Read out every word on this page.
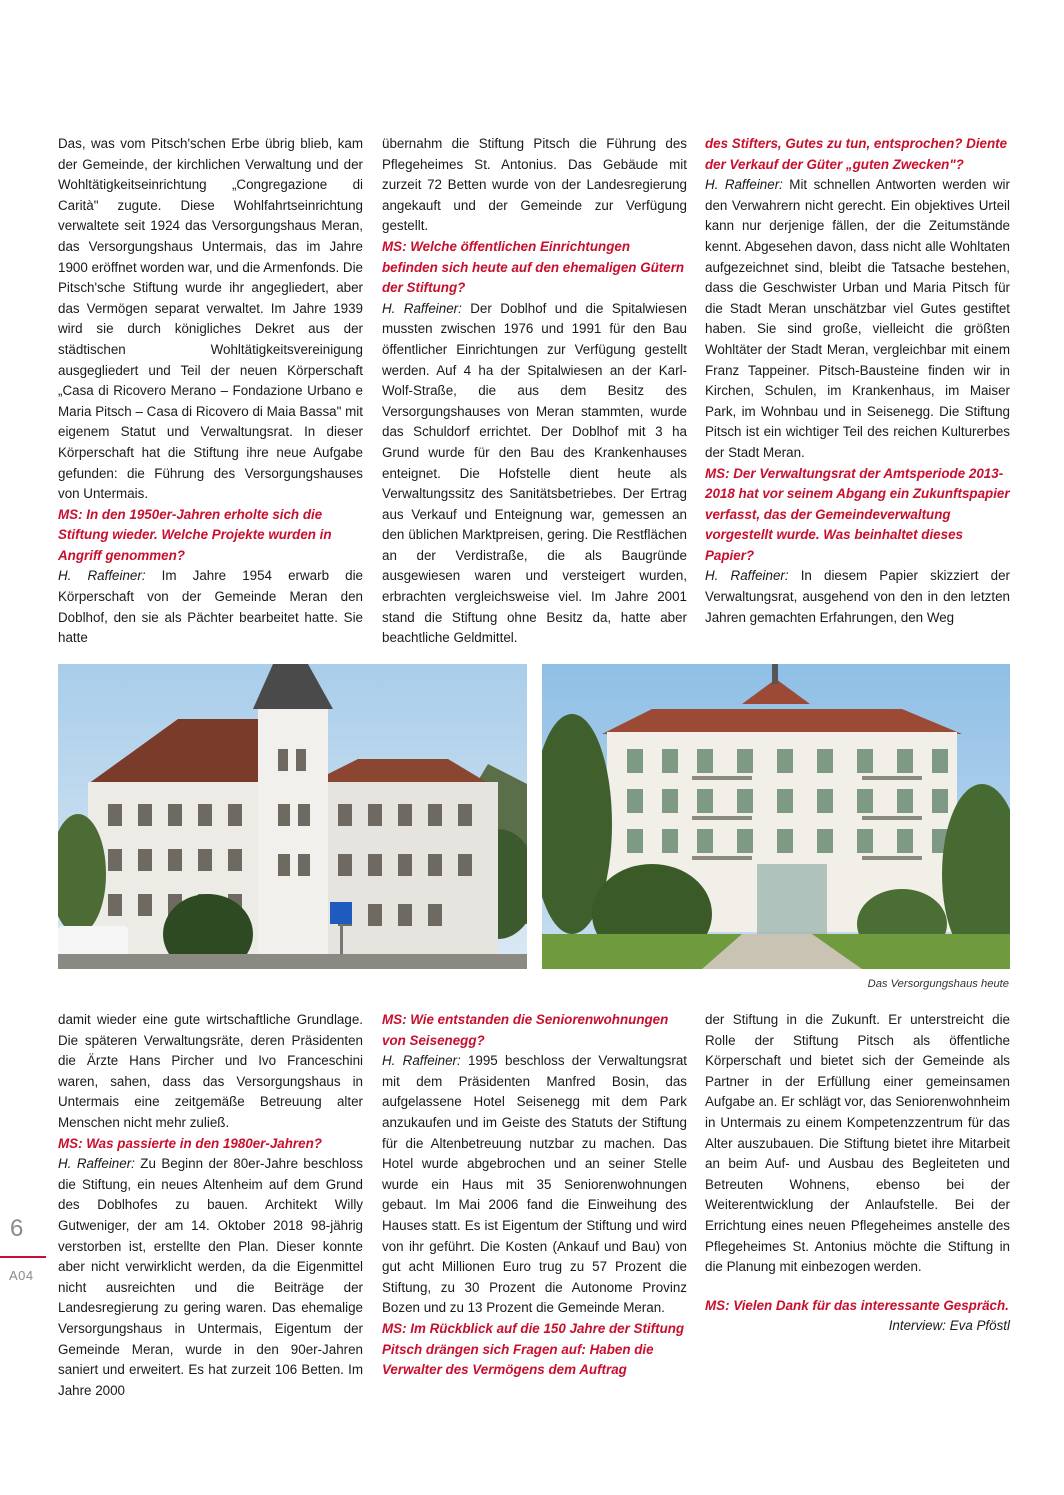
Das, was vom Pitsch'schen Erbe übrig blieb, kam der Gemeinde, der kirchlichen Verwaltung und der Wohltätigkeitseinrichtung „Congregazione di Carità" zugute. Diese Wohlfahrtseinrichtung verwaltete seit 1924 das Versorgungshaus Meran, das Versorgungshaus Untermais, das im Jahre 1900 eröffnet worden war, und die Armenfonds. Die Pitsch'sche Stiftung wurde ihr angegliedert, aber das Vermögen separat verwaltet. Im Jahre 1939 wird sie durch königliches Dekret aus der städtischen Wohltätigkeitsvereinigung ausgegliedert und Teil der neuen Körperschaft „Casa di Ricovero Merano – Fondazione Urbano e Maria Pitsch – Casa di Ricovero di Maia Bassa" mit eigenem Statut und Verwaltungsrat. In dieser Körperschaft hat die Stiftung ihre neue Aufgabe gefunden: die Führung des Versorgungshauses von Untermais.

MS: In den 1950er-Jahren erholte sich die Stiftung wieder. Welche Projekte wurden in Angriff genommen?

H. Raffeiner: Im Jahre 1954 erwarb die Körperschaft von der Gemeinde Meran den Doblhof, den sie als Pächter bearbeitet hatte. Sie hatte

übernahm die Stiftung Pitsch die Führung des Pflegeheimes St. Antonius. Das Gebäude mit zurzeit 72 Betten wurde von der Landesregierung angekauft und der Gemeinde zur Verfügung gestellt.

MS: Welche öffentlichen Einrichtungen befinden sich heute auf den ehemaligen Gütern der Stiftung?

H. Raffeiner: Der Doblhof und die Spitalwiesen mussten zwischen 1976 und 1991 für den Bau öffentlicher Einrichtungen zur Verfügung gestellt werden. Auf 4 ha der Spitalwiesen an der Karl-Wolf-Straße, die aus dem Besitz des Versorgungshauses von Meran stammten, wurde das Schuldorf errichtet. Der Doblhof mit 3 ha Grund wurde für den Bau des Krankenhauses enteignet. Die Hofstelle dient heute als Verwaltungssitz des Sanitätsbetriebes. Der Ertrag aus Verkauf und Enteignung war, gemessen an den üblichen Marktpreisen, gering. Die Restflächen an der Verdistraße, die als Baugründe ausgewiesen waren und versteigert wurden, erbrachten vergleichsweise viel. Im Jahre 2001 stand die Stiftung ohne Besitz da, hatte aber beachtliche Geldmittel.

des Stifters, Gutes zu tun, entsprochen? Diente der Verkauf der Güter „guten Zwecken"?

H. Raffeiner: Mit schnellen Antworten werden wir den Verwahrern nicht gerecht. Ein objektives Urteil kann nur derjenige fällen, der die Zeitumstände kennt. Abgesehen davon, dass nicht alle Wohltaten aufgezeichnet sind, bleibt die Tatsache bestehen, dass die Geschwister Urban und Maria Pitsch für die Stadt Meran unschätzbar viel Gutes gestiftet haben. Sie sind große, vielleicht die größten Wohltäter der Stadt Meran, vergleichbar mit einem Franz Tappeiner. Pitsch-Bausteine finden wir in Kirchen, Schulen, im Krankenhaus, im Maiser Park, im Wohnbau und in Seisenegg. Die Stiftung Pitsch ist ein wichtiger Teil des reichen Kulturerbes der Stadt Meran.

MS: Der Verwaltungsrat der Amtsperiode 2013-2018 hat vor seinem Abgang ein Zukunftspapier verfasst, das der Gemeindeverwaltung vorgestellt wurde. Was beinhaltet dieses Papier?

H. Raffeiner: In diesem Papier skizziert der Verwaltungsrat, ausgehend von den in den letzten Jahren gemachten Erfahrungen, den Weg

Das Versorgungshaus heute

damit wieder eine gute wirtschaftliche Grundlage. Die späteren Verwaltungsräte, deren Präsidenten die Ärzte Hans Pircher und Ivo Franceschini waren, sahen, dass das Versorgungshaus in Untermais eine zeitgemäße Betreuung alter Menschen nicht mehr zuließ.

MS: Was passierte in den 1980er-Jahren?

H. Raffeiner: Zu Beginn der 80er-Jahre beschloss die Stiftung, ein neues Altenheim auf dem Grund des Doblhofes zu bauen. Architekt Willy Gutweniger, der am 14. Oktober 2018 98-jährig verstorben ist, erstellte den Plan. Dieser konnte aber nicht verwirklicht werden, da die Eigenmittel nicht ausreichten und die Beiträge der Landesregierung zu gering waren. Das ehemalige Versorgungshaus in Untermais, Eigentum der Gemeinde Meran, wurde in den 90er-Jahren saniert und erweitert. Es hat zurzeit 106 Betten. Im Jahre 2000

MS: Wie entstanden die Seniorenwohnungen von Seisenegg?

H. Raffeiner: 1995 beschloss der Verwaltungsrat mit dem Präsidenten Manfred Bosin, das aufgelassene Hotel Seisenegg mit dem Park anzukaufen und im Geiste des Statuts der Stiftung für die Altenbetreuung nutzbar zu machen. Das Hotel wurde abgebrochen und an seiner Stelle wurde ein Haus mit 35 Seniorenwohnungen gebaut. Im Mai 2006 fand die Einweihung des Hauses statt. Es ist Eigentum der Stiftung und wird von ihr geführt. Die Kosten (Ankauf und Bau) von gut acht Millionen Euro trug zu 57 Prozent die Stiftung, zu 30 Prozent die Autonome Provinz Bozen und zu 13 Prozent die Gemeinde Meran.

MS: Im Rückblick auf die 150 Jahre der Stiftung Pitsch drängen sich Fragen auf: Haben die Verwalter des Vermögens dem Auftrag

der Stiftung in die Zukunft. Er unterstreicht die Rolle der Stiftung Pitsch als öffentliche Körperschaft und bietet sich der Gemeinde als Partner in der Erfüllung einer gemeinsamen Aufgabe an. Er schlägt vor, das Seniorenwohnheim in Untermais zu einem Kompetenzzentrum für das Alter auszubauen. Die Stiftung bietet ihre Mitarbeit an beim Auf- und Ausbau des Begleiteten und Betreuten Wohnens, ebenso bei der Weiterentwicklung der Anlaufstelle. Bei der Errichtung eines neuen Pflegeheimes anstelle des Pflegeheimes St. Antonius möchte die Stiftung in die Planung mit einbezogen werden.

MS: Vielen Dank für das interessante Gespräch.

Interview: Eva Pföstl

6
A04
